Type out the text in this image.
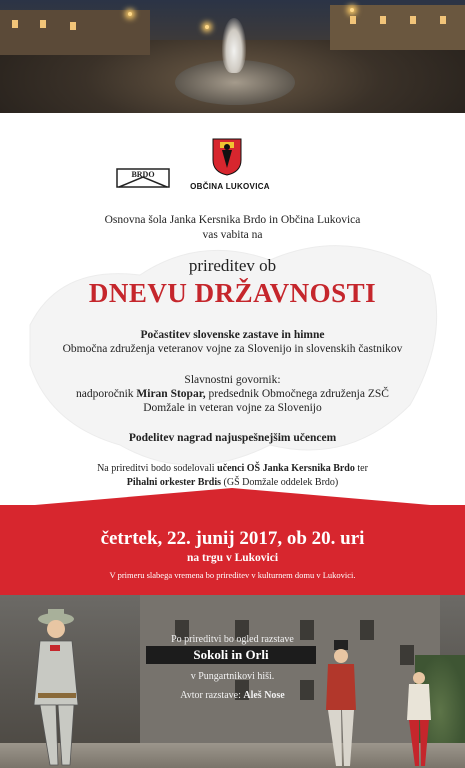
BRDO
OBČINA LUKOVICA
Osnovna šola Janka Kersnika Brdo in Občina Lukovica
vas vabita na
prireditev ob
DNEVU DRŽAVNOSTI
Počastitev slovenske zastave in himne
Območna združenja veteranov vojne za Slovenijo in slovenskih častnikov
Slavnostni govornik:
nadporočnik Miran Stopar, predsednik Območnega združenja ZSČ
Domžale in veteran vojne za Slovenijo
Podelitev nagrad najuspešnejšim učencem
Na prireditvi bodo sodelovali učenci OŠ Janka Kersnika Brdo ter
Pihalni orkester Brdis (GŠ Domžale oddelek Brdo)
četrtek, 22. junij 2017, ob 20. uri
na trgu v Lukovici
V primeru slabega vremena bo prireditev v kulturnem domu v Lukovici.
Po prireditvi bo ogled razstave
Sokoli in Orli
v Pungartnikovi hiši.
Avtor razstave: Aleš Nose
